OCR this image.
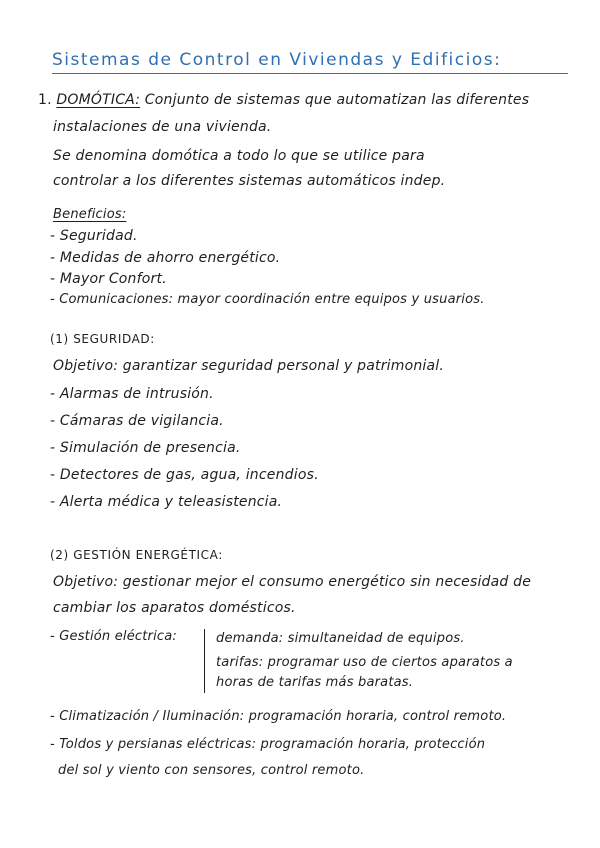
Sistemas de Control en Viviendas y Edificios:
1. DOMÓTICA: Conjunto de sistemas que automatizan las diferentes
instalaciones de una vivienda.
Se denomina domótica a todo lo que se utilice para
controlar a los diferentes sistemas automáticos indep.
Beneficios:
- Seguridad.
- Medidas de ahorro energético.
- Mayor Confort.
- Comunicaciones: mayor coordinación entre equipos y usuarios.
(1) SEGURIDAD:
Objetivo: garantizar seguridad personal y patrimonial.
- Alarmas de intrusión.
- Cámaras de vigilancia.
- Simulación de presencia.
- Detectores de gas, agua, incendios.
- Alerta médica y teleasistencia.
(2) GESTIÓN ENERGÉTICA:
Objetivo: gestionar mejor el consumo energético sin necesidad de
cambiar los aparatos domésticos.
- Gestión eléctrica:	demanda: simultaneidad de equipos.
tarifas: programar uso de ciertos aparatos a
horas de tarifas más baratas.
- Climatización / Iluminación: programación horaria, control remoto.
- Toldos y persianas eléctricas: programación horaria, protección
del sol y viento con sensores, control remoto.
